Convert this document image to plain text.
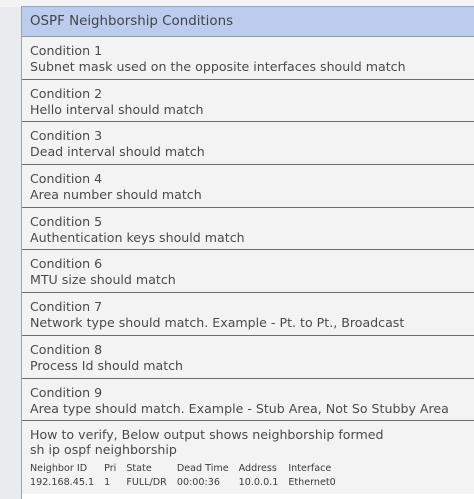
OSPF Neighborship Conditions
Condition 1
Subnet mask used on the opposite interfaces should match
Condition 2
Hello interval should match
Condition 3
Dead interval should match
Condition 4
Area number should match
Condition 5
Authentication keys should match
Condition 6
MTU size should match
Condition 7
Network type should match. Example - Pt. to Pt., Broadcast
Condition 8
Process Id should match
Condition 9
Area type should match. Example - Stub Area, Not So Stubby Area
How to verify, Below output shows neighborship formed
sh ip ospf neighborship
Neighbor ID	Pri	State	Dead Time	Address	Interface
192.168.45.1	1	FULL/DR	00:00:36	10.0.0.1	Ethernet0
